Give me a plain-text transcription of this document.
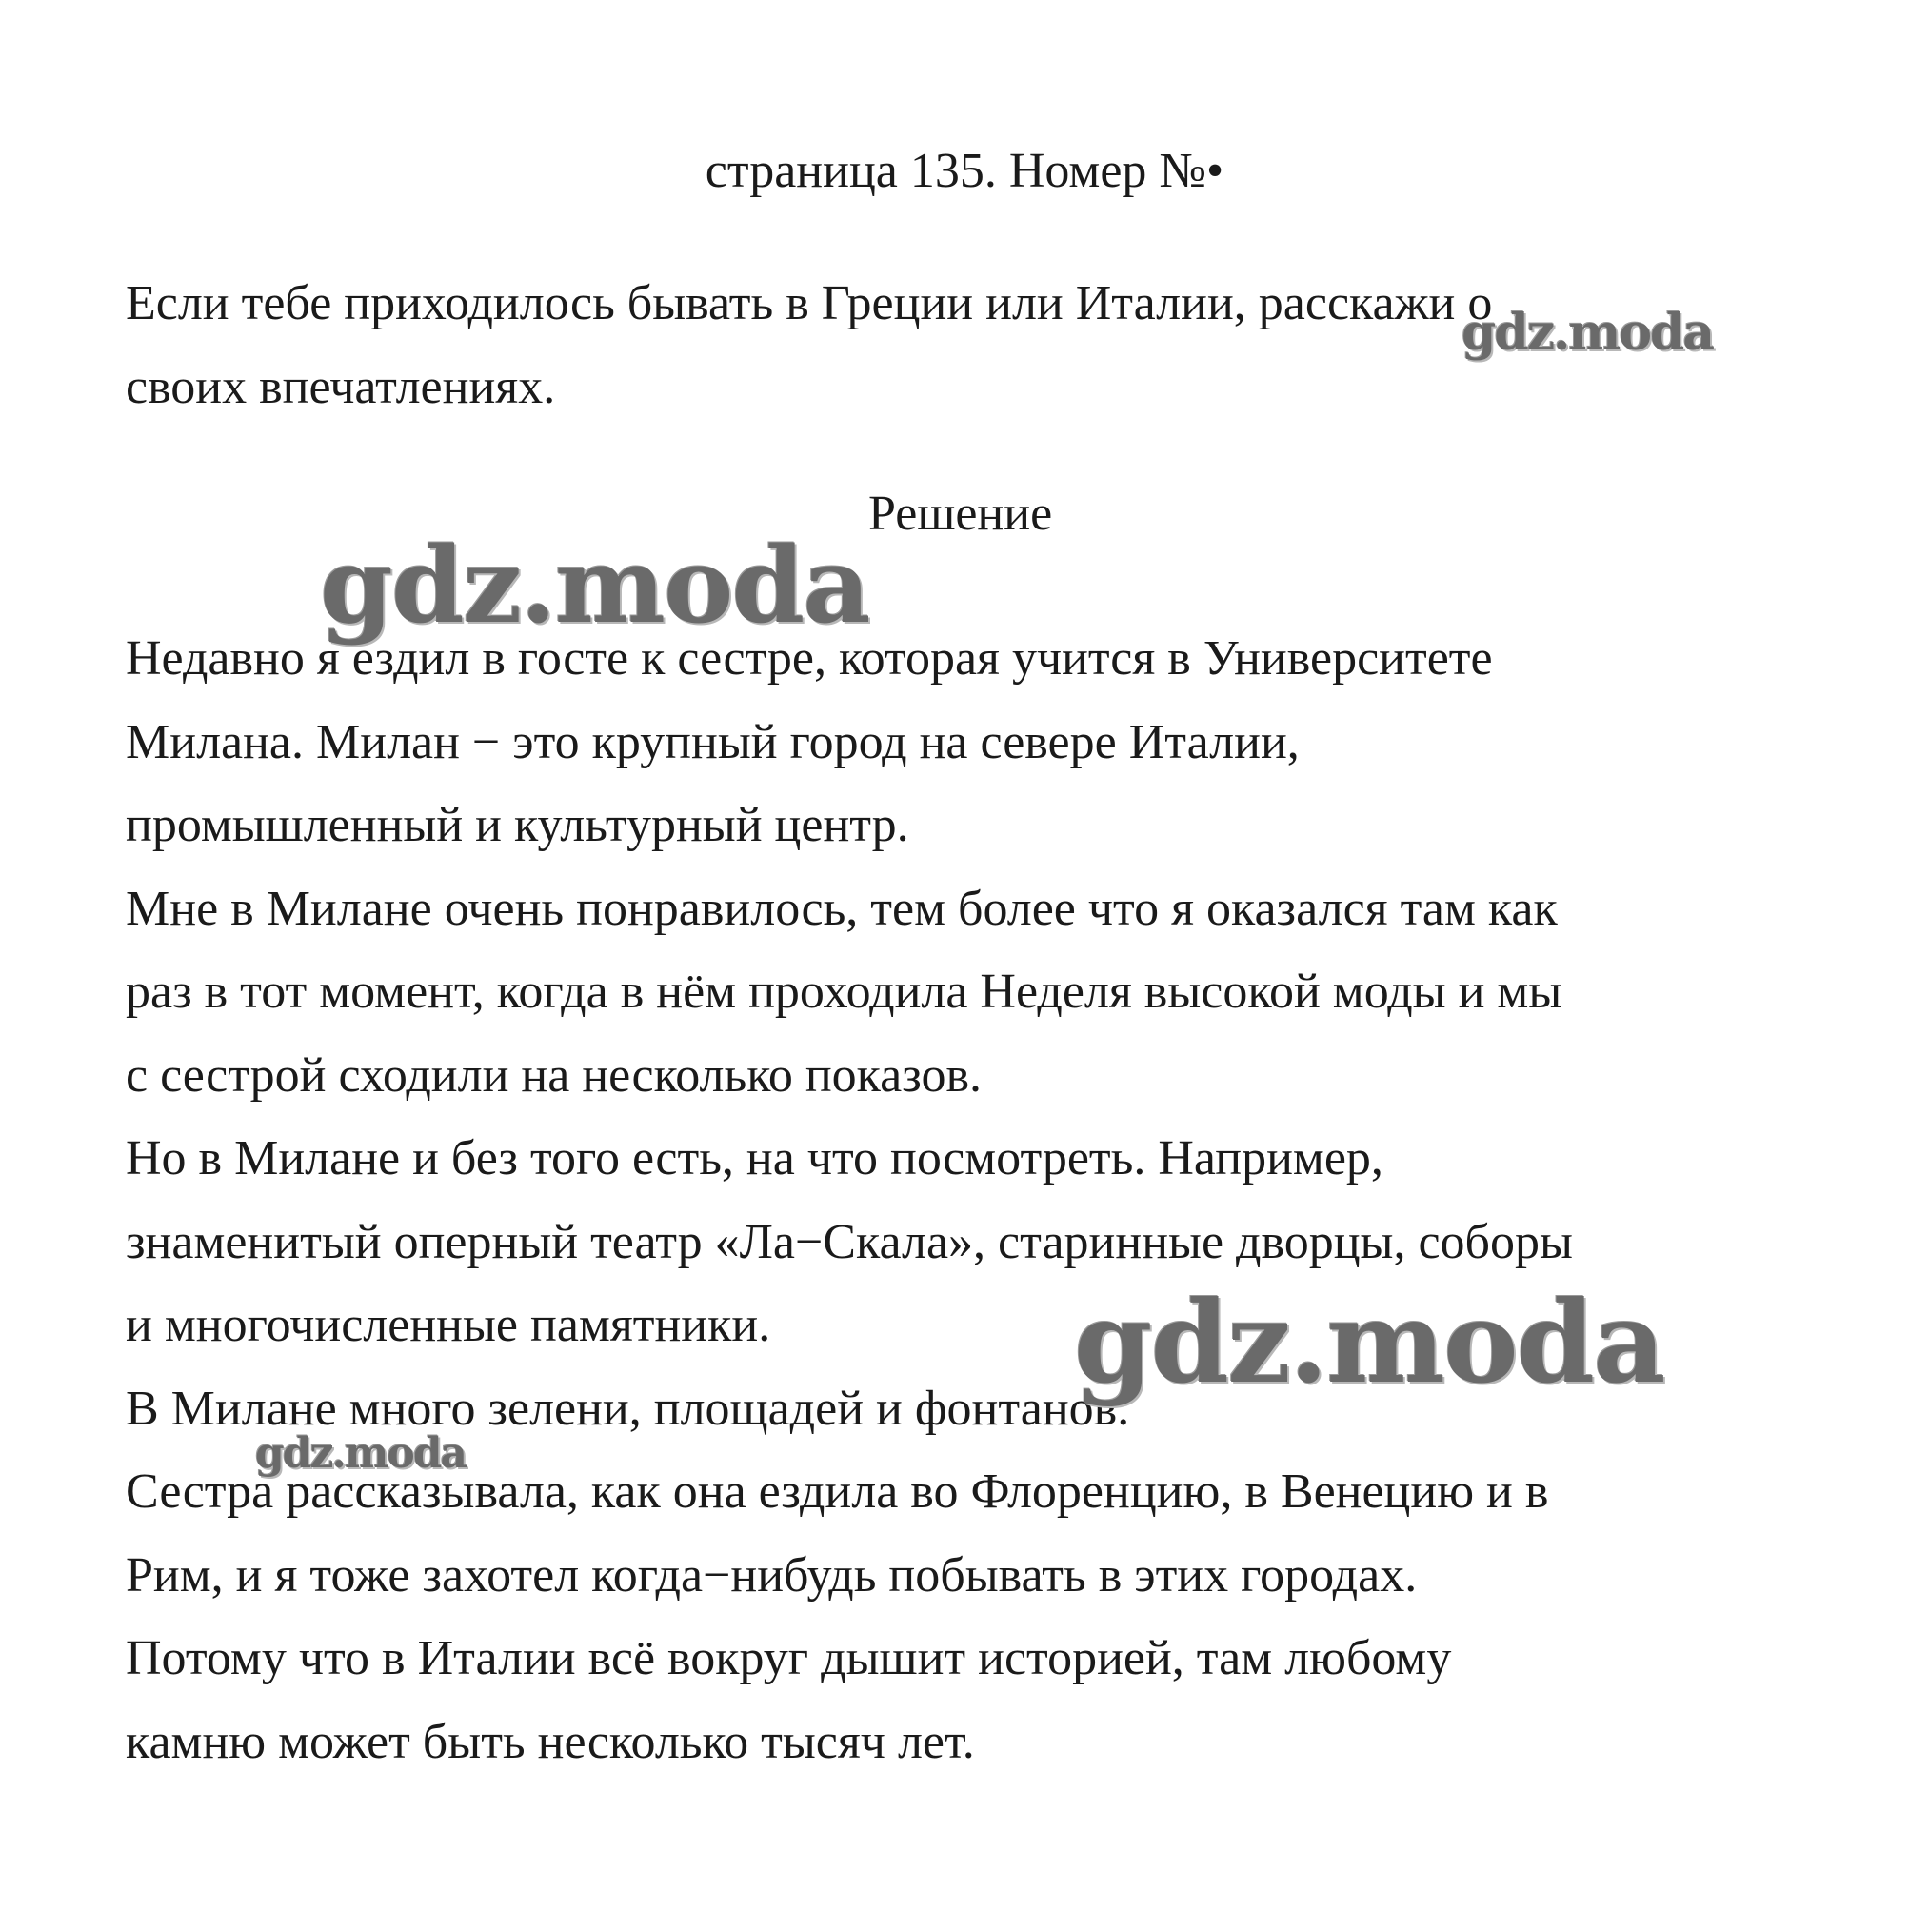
страница 135. Номер №•
Если тебе приходилось бывать в Греции или Италии, расскажи о
своих впечатлениях.
Решение
Недавно я ездил в госте к сестре, которая учится в Университете
Милана. Милан − это крупный город на севере Италии,
промышленный и культурный центр.
Мне в Милане очень понравилось, тем более что я оказался там как
раз в тот момент, когда в нём проходила Неделя высокой моды и мы
с сестрой сходили на несколько показов.
Но в Милане и без того есть, на что посмотреть. Например,
знаменитый оперный театр «Ла−Скала», старинные дворцы, соборы
и многочисленные памятники.
В Милане много зелени, площадей и фонтанов.
Сестра рассказывала, как она ездила во Флоренцию, в Венецию и в
Рим, и я тоже захотел когда−нибудь побывать в этих городах.
Потому что в Италии всё вокруг дышит историей, там любому
камню может быть несколько тысяч лет.
gdz.moda
gdz.moda
gdz.moda
gdz.moda
